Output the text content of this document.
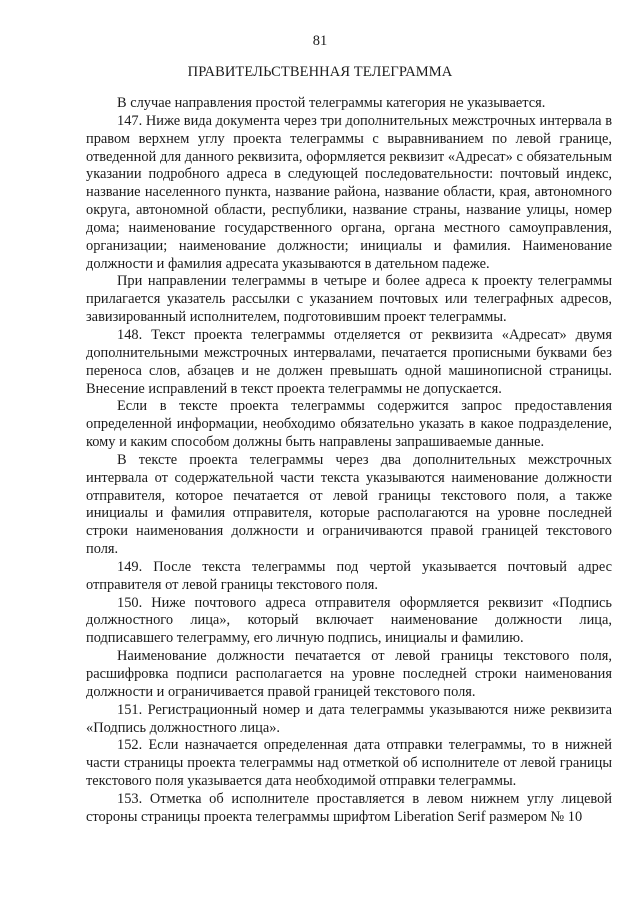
81
ПРАВИТЕЛЬСТВЕННАЯ ТЕЛЕГРАММА

В случае направления простой телеграммы категория не указывается.

147. Ниже вида документа через три дополнительных межстрочных интервала в правом верхнем углу проекта телеграммы с выравниванием по левой границе, отведенной для данного реквизита, оформляется реквизит «Адресат» с обязательным указании подробного адреса в следующей последовательности: почтовый индекс, название населенного пункта, название района, название области, края, автономного округа, автономной области, республики, название страны, название улицы, номер дома; наименование государственного органа, органа местного самоуправления, организации; наименование должности; инициалы и фамилия. Наименование должности и фамилия адресата указываются в дательном падеже.

При направлении телеграммы в четыре и более адреса к проекту телеграммы прилагается указатель рассылки с указанием почтовых или телеграфных адресов, завизированный исполнителем, подготовившим проект телеграммы.

148. Текст проекта телеграммы отделяется от реквизита «Адресат» двумя дополнительными межстрочных интервалами, печатается прописными буквами без переноса слов, абзацев и не должен превышать одной машинописной страницы. Внесение исправлений в текст проекта телеграммы не допускается.

Если в тексте проекта телеграммы содержится запрос предоставления определенной информации, необходимо обязательно указать в какое подразделение, кому и каким способом должны быть направлены запрашиваемые данные.

В тексте проекта телеграммы через два дополнительных межстрочных интервала от содержательной части текста указываются наименование должности отправителя, которое печатается от левой границы текстового поля, а также инициалы и фамилия отправителя, которые располагаются на уровне последней строки наименования должности и ограничиваются правой границей текстового поля.

149. После текста телеграммы под чертой указывается почтовый адрес отправителя от левой границы текстового поля.

150. Ниже почтового адреса отправителя оформляется реквизит «Подпись должностного лица», который включает наименование должности лица, подписавшего телеграмму, его личную подпись, инициалы и фамилию.

Наименование должности печатается от левой границы текстового поля, расшифровка подписи располагается на уровне последней строки наименования должности и ограничивается правой границей текстового поля.

151. Регистрационный номер и дата телеграммы указываются ниже реквизита «Подпись должностного лица».

152. Если назначается определенная дата отправки телеграммы, то в нижней части страницы проекта телеграммы над отметкой об исполнителе от левой границы текстового поля указывается дата необходимой отправки телеграммы.

153. Отметка об исполнителе проставляется в левом нижнем углу лицевой стороны страницы проекта телеграммы шрифтом Liberation Serif размером № 10
